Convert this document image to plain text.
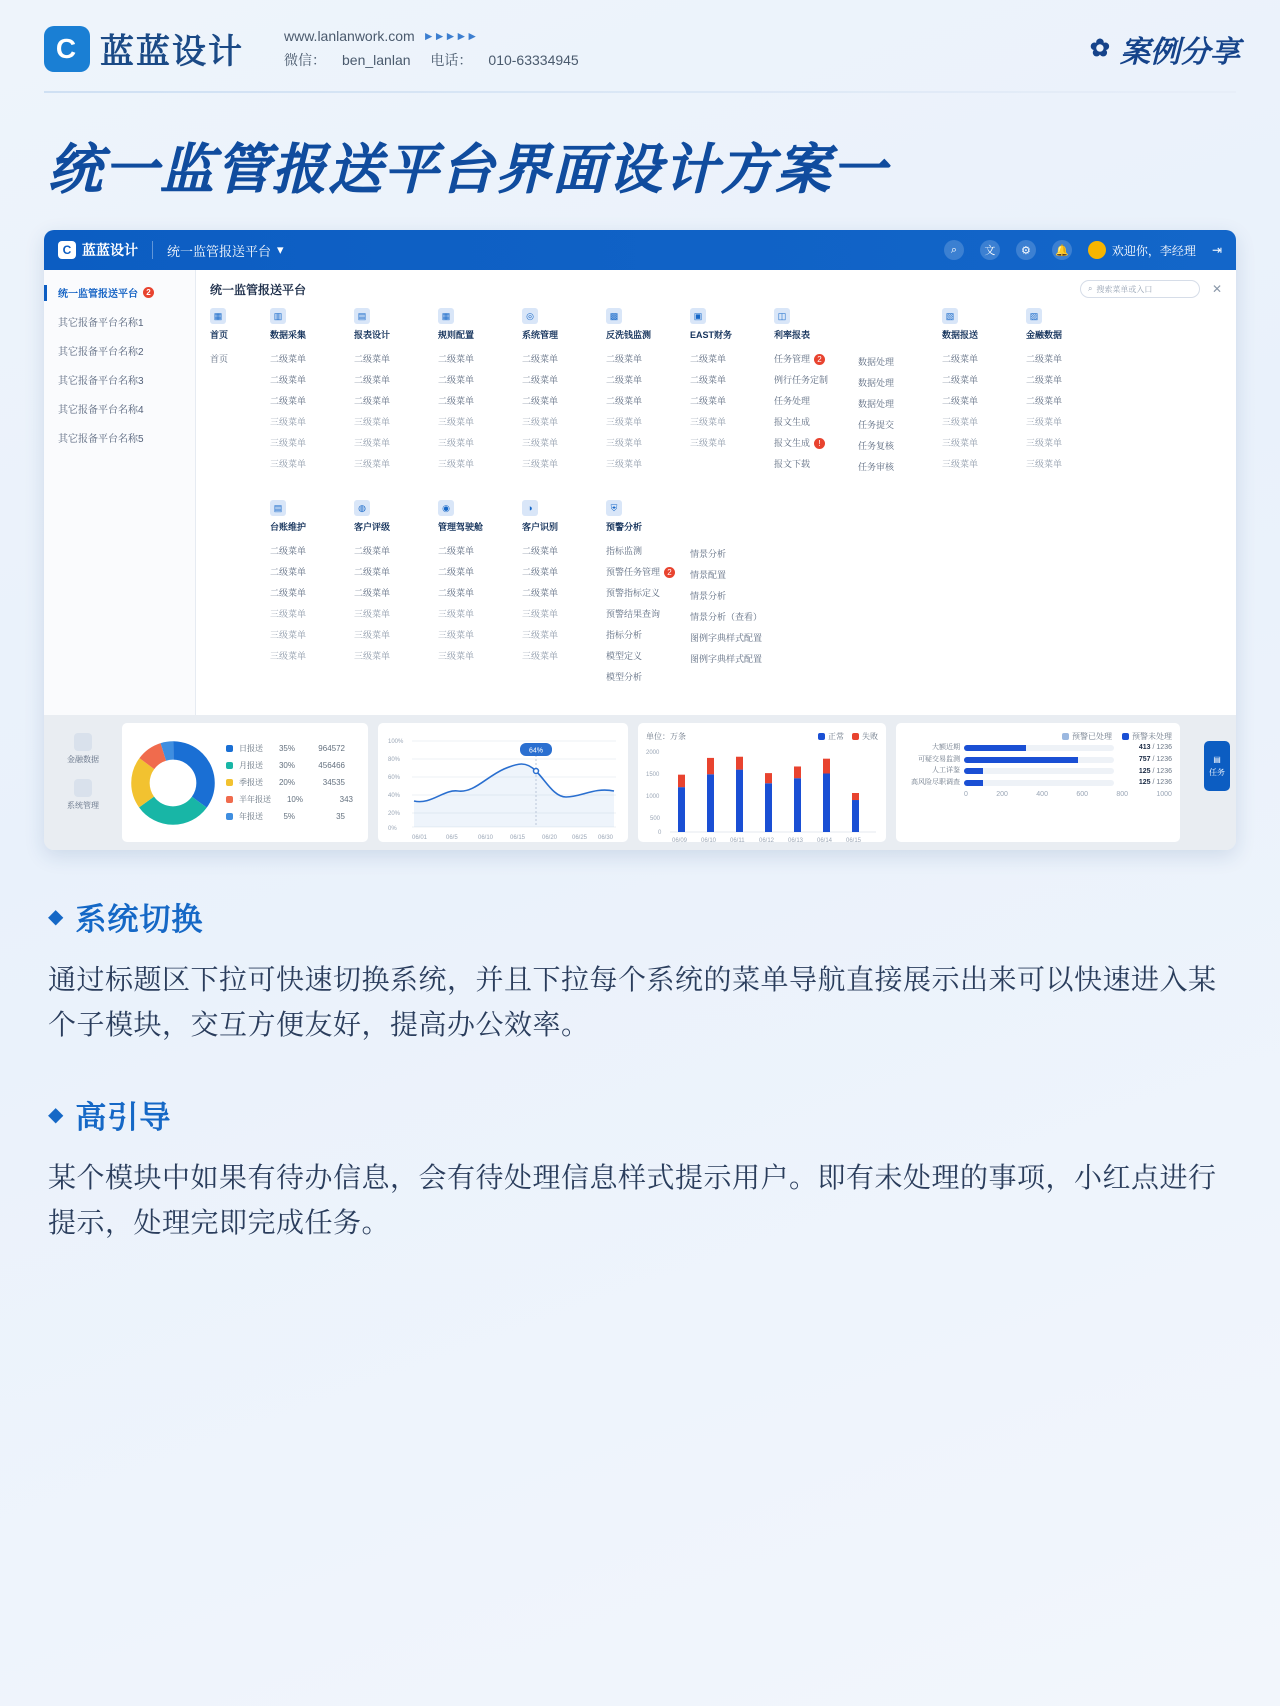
C 蓝蓝设计	www.lanlanwork.com ►►►►►
微信： ben_lanlan 电话： 010-63334945	✿ 案例分享
统一监管报送平台界面设计方案一
C 蓝蓝设计 统一监管报送平台 ▾	⌕	文	⚙	🔔	欢迎你，李经理 ⇥
统一监管报送平台	2
其它报备平台名称1
其它报备平台名称2
其它报备平台名称3
其它报备平台名称4
其它报备平台名称5
统一监管报送平台	⌕ 搜索菜单或入口	✕
▦
首页
首页
▥
数据采集
二级菜单
二级菜单
二级菜单
三级菜单
三级菜单
三级菜单
▤
报表设计
二级菜单
二级菜单
二级菜单
三级菜单
三级菜单
三级菜单
▦
规则配置
二级菜单
二级菜单
二级菜单
三级菜单
三级菜单
三级菜单
◎
系统管理
二级菜单
二级菜单
二级菜单
三级菜单
三级菜单
三级菜单
▩
反洗钱监测
二级菜单
二级菜单
二级菜单
三级菜单
三级菜单
三级菜单
▣
EAST财务
二级菜单
二级菜单
二级菜单
三级菜单
三级菜单
◫
利率报表
任务管理 2
例行任务定制
任务处理
报文生成
报文生成	!
报文下载
数据处理
数据处理
数据处理
任务提交
任务复核
任务审核
▧
数据报送
二级菜单
二级菜单
二级菜单
三级菜单
三级菜单
三级菜单
▨
金融数据
二级菜单
二级菜单
二级菜单
三级菜单
三级菜单
三级菜单
▤
台账维护
二级菜单
二级菜单
二级菜单
三级菜单
三级菜单
三级菜单
◍
客户评级
二级菜单
二级菜单
二级菜单
三级菜单
三级菜单
三级菜单
◉
管理驾驶舱
二级菜单
二级菜单
二级菜单
三级菜单
三级菜单
三级菜单
◑
客户识别
二级菜单
二级菜单
二级菜单
三级菜单
三级菜单
三级菜单
⛨
预警分析
指标监测
预警任务管理 2
预警指标定义
预警结果查询
指标分析
模型定义
模型分析
情景分析
情景配置
情景分析
情景分析（查看）
图例字典样式配置
图例字典样式配置
金融数据
系统管理
日报送	35%	964572
月报送	30%	456466
季报送	20%	34535
半年报送	10%	343
年报送	5%	35
100%
80%
60%
40%
20%
0%
64%
06/01	06/5	06/10	06/15	06/20 06/25 06/30
单位：万条	正常 失败
2000
1500
1000
500
0
06/09 06/10 06/11 06/12 06/13 06/14 06/15
预警已处理	预警未处理
大额近期	413 / 1236
可疑交易监测	757 / 1236
人工详鉴	125 / 1236
高风险尽职调查	125 / 1236
0	200	400	600	800	1000
▤
任务
◆ 系统切换

通过标题区下拉可快速切换系统，并且下拉每个系统的菜单导航直接展示出来可以快速进入某个子模块，交互方便友好，提高办公效率。

◆ 高引导

某个模块中如果有待办信息，会有待处理信息样式提示用户。即有未处理的事项，小红点进行提示，处理完即完成任务。
